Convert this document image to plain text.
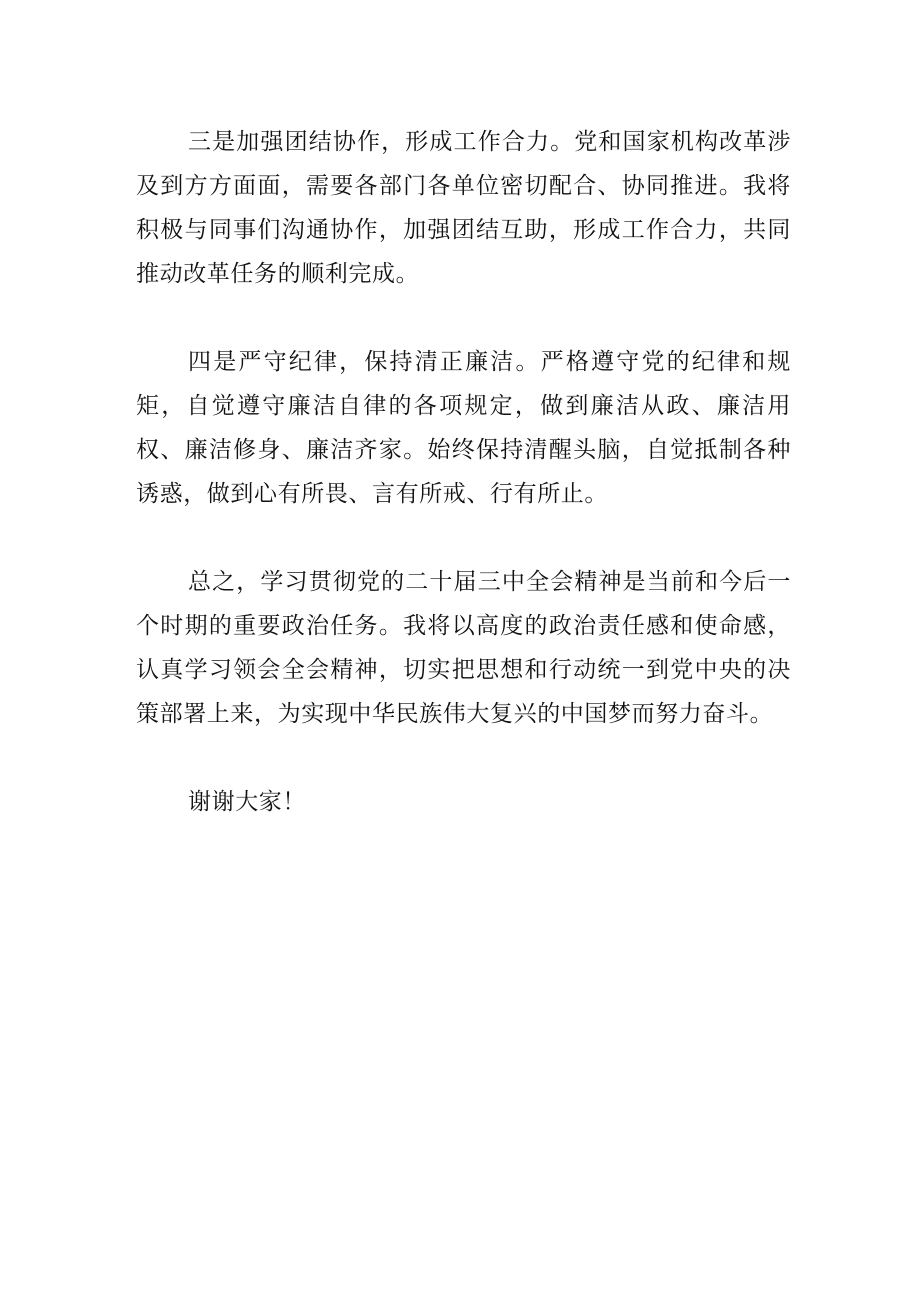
三是加强团结协作，形成工作合力。党和国家机构改革涉及到方方面面，需要各部门各单位密切配合、协同推进。我将积极与同事们沟通协作，加强团结互助，形成工作合力，共同推动改革任务的顺利完成。

四是严守纪律，保持清正廉洁。严格遵守党的纪律和规矩，自觉遵守廉洁自律的各项规定，做到廉洁从政、廉洁用权、廉洁修身、廉洁齐家。始终保持清醒头脑，自觉抵制各种诱惑，做到心有所畏、言有所戒、行有所止。

总之，学习贯彻党的二十届三中全会精神是当前和今后一个时期的重要政治任务。我将以高度的政治责任感和使命感，认真学习领会全会精神，切实把思想和行动统一到党中央的决策部署上来，为实现中华民族伟大复兴的中国梦而努力奋斗。

谢谢大家！
